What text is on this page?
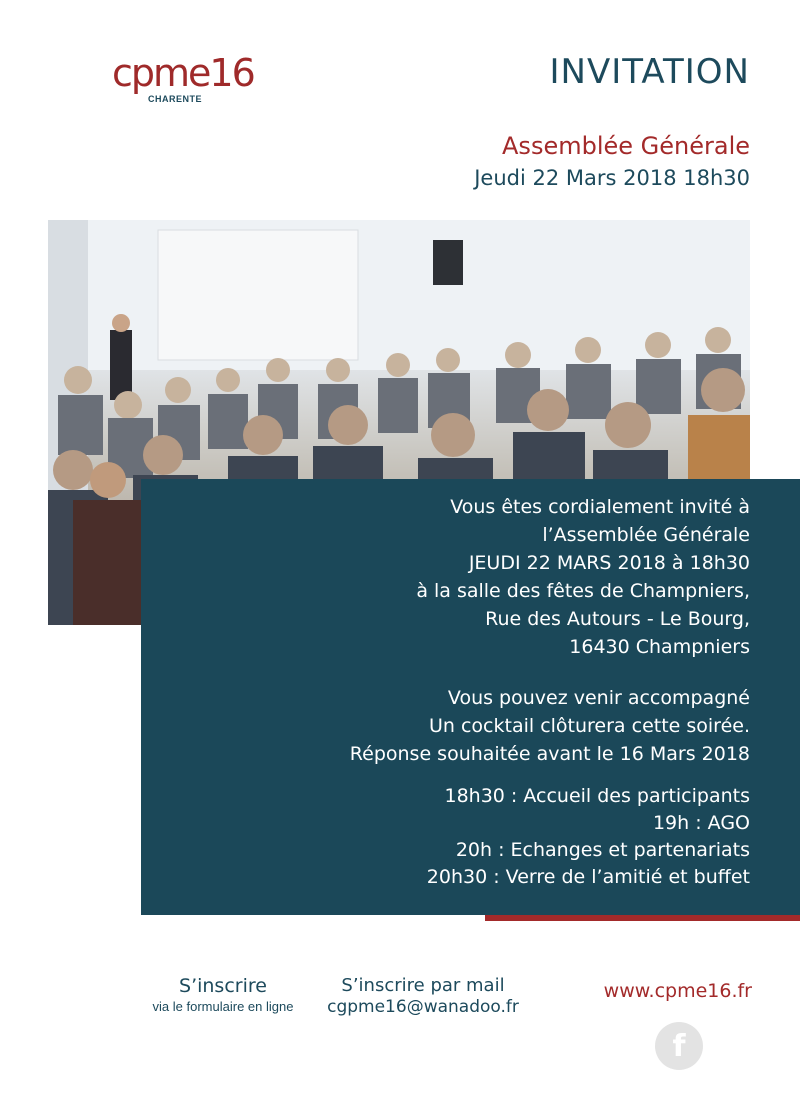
cpme16
CHARENTE
INVITATION
Assemblée Générale
Jeudi 22 Mars 2018 18h30
Vous êtes cordialement invité à
l’Assemblée Générale
JEUDI 22 MARS 2018 à 18h30
à la salle des fêtes de Champniers,
Rue des Autours - Le Bourg,
16430 Champniers
Vous pouvez venir accompagné
Un cocktail clôturera cette soirée.
Réponse souhaitée avant le 16 Mars 2018
18h30 : Accueil des participants
19h : AGO
20h : Echanges et partenariats
20h30 : Verre de l’amitié et buffet
S’inscrire
via le formulaire en ligne
S’inscrire par mail
cgpme16@wanadoo.fr
www.cpme16.fr
f
